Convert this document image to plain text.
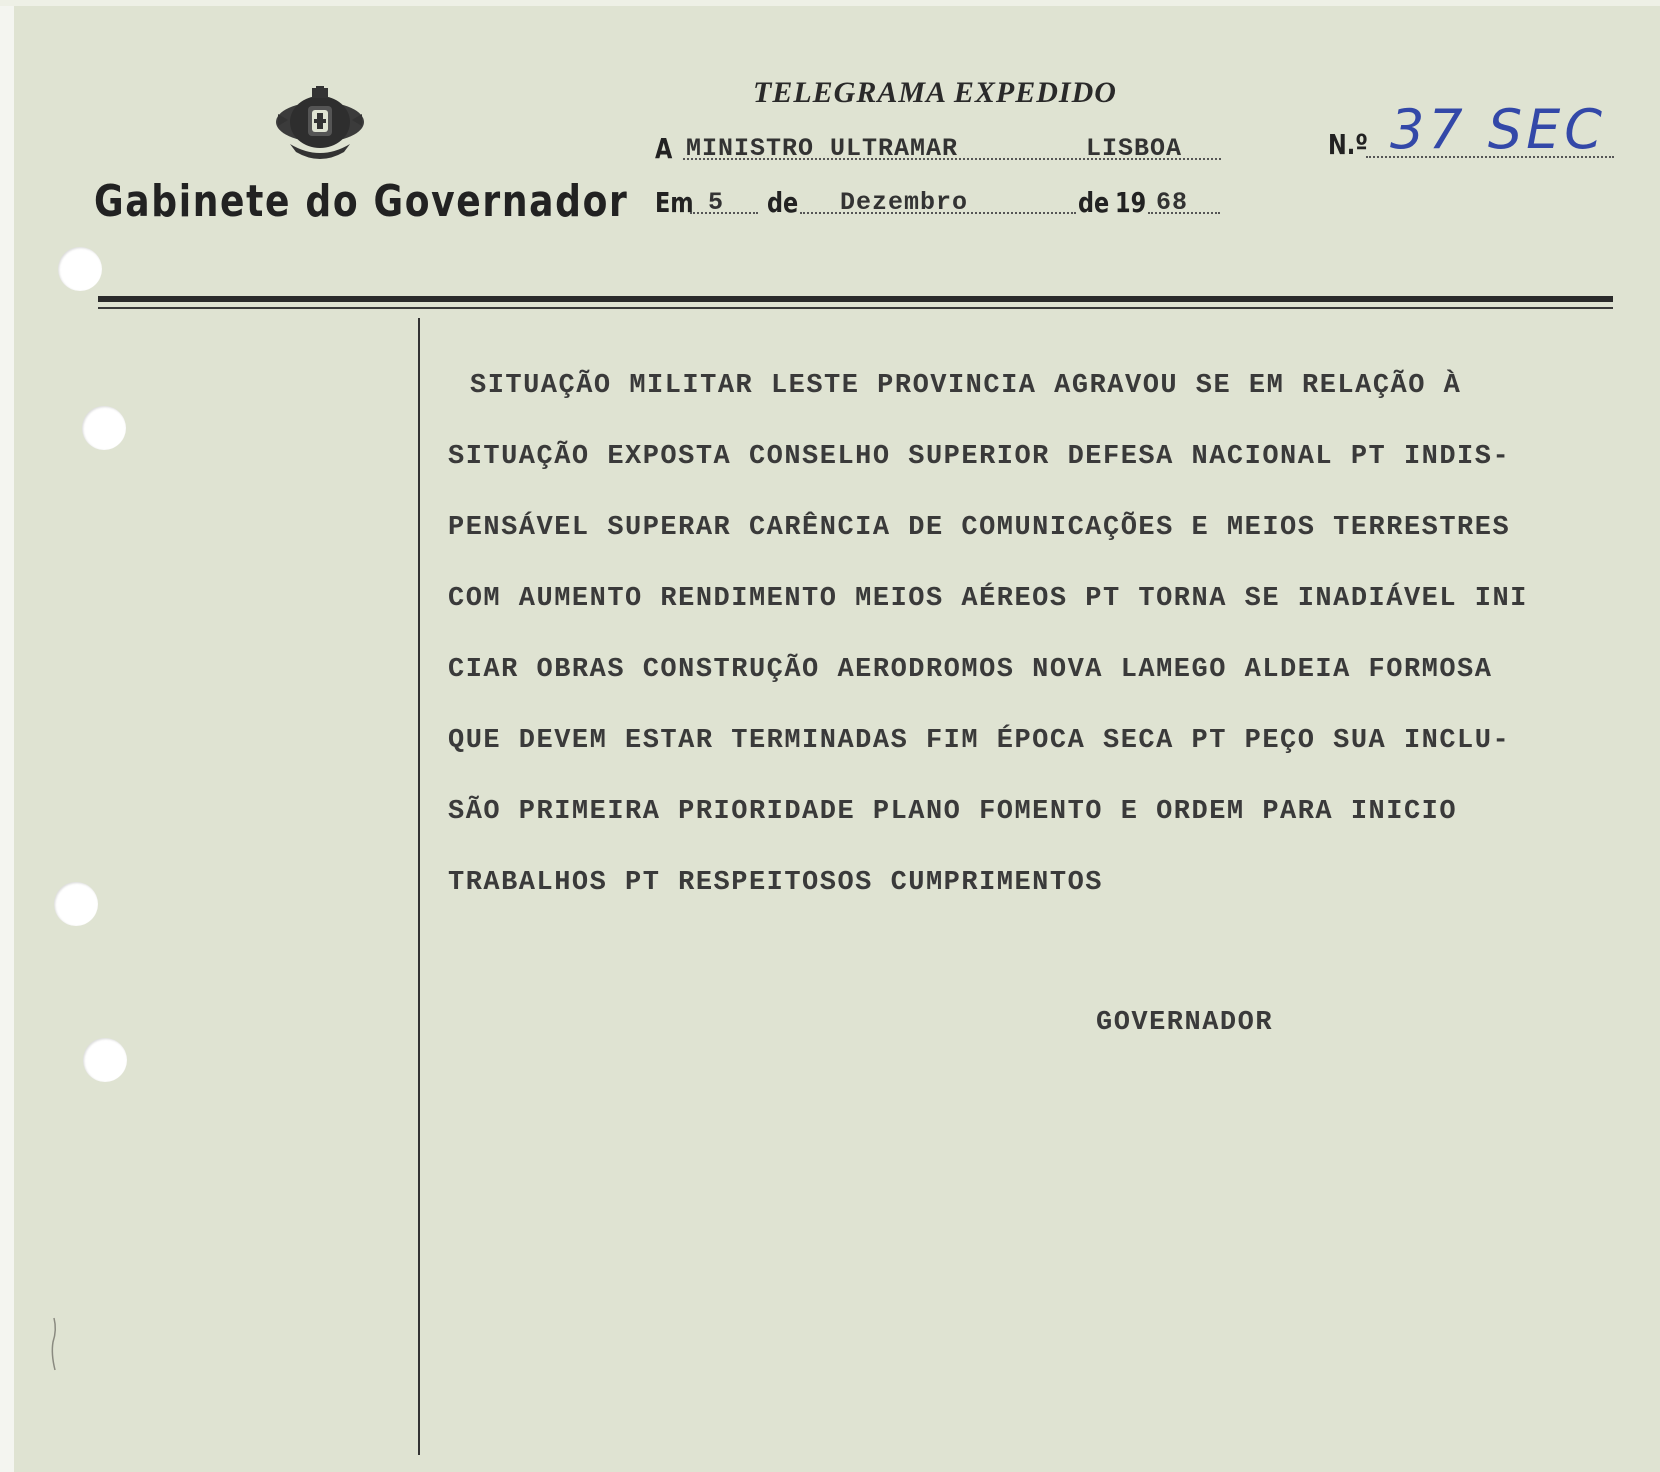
Gabinete do Governador
TELEGRAMA EXPEDIDO
A MINISTRO ULTRAMAR	LISBOA	N.º 37 SEC
Em 5 de	Dezembro	de 19 68
SITUAÇÃO MILITAR LESTE PROVINCIA AGRAVOU SE EM RELAÇÃO À
SITUAÇÃO EXPOSTA CONSELHO SUPERIOR DEFESA NACIONAL PT INDIS-
PENSÁVEL SUPERAR CARÊNCIA DE COMUNICAÇÕES E MEIOS TERRESTRES
COM AUMENTO RENDIMENTO MEIOS AÉREOS PT TORNA SE INADIÁVEL INI
CIAR OBRAS CONSTRUÇÃO AERODROMOS NOVA LAMEGO ALDEIA FORMOSA
QUE DEVEM ESTAR TERMINADAS FIM ÉPOCA SECA PT PEÇO SUA INCLU-
SÃO PRIMEIRA PRIORIDADE PLANO FOMENTO E ORDEM PARA INICIO
TRABALHOS PT RESPEITOSOS CUMPRIMENTOS
GOVERNADOR
